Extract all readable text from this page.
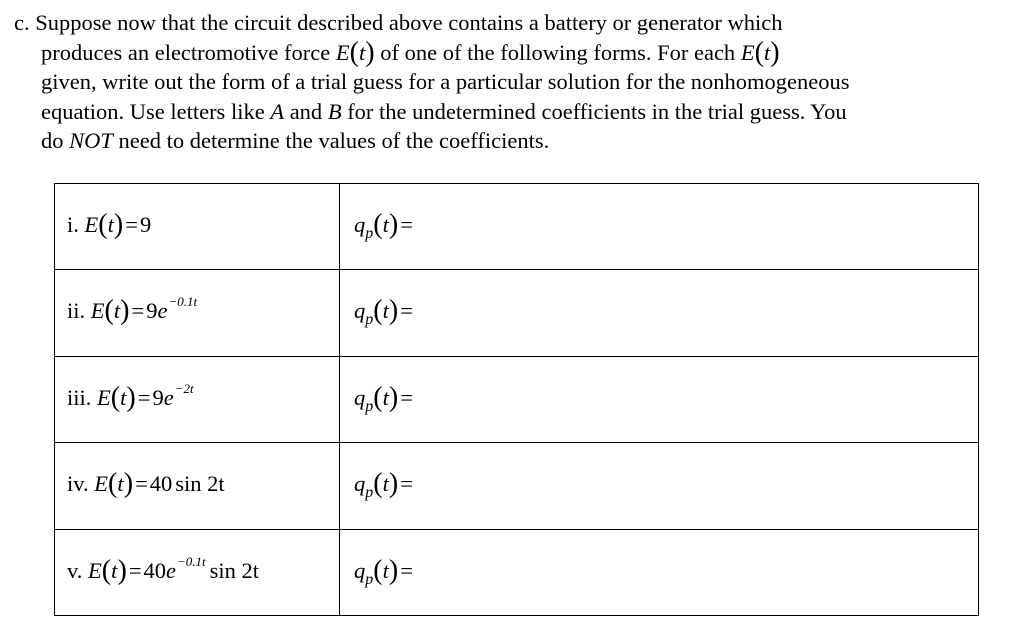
c. Suppose now that the circuit described above contains a battery or generator which
produces an electromotive force E(t) of one of the following forms. For each E(t)
given, write out the form of a trial guess for a particular solution for the nonhomogeneous
equation. Use letters like A and B for the undetermined coefficients in the trial guess. You
do NOT need to determine the values of the coefficients.
i. E(t)=9	$q_p(t)=$
ii. $E(t)=9e^{-0.1t}$	$q_p(t)=$
iii. $E(t)=9e^{-2t}$	$q_p(t)=$
iv. E(t)=40 sin 2t	$q_p(t)=$
v. $E(t)=40e^{-0.1t}$ sin 2t	$q_p(t)=$
